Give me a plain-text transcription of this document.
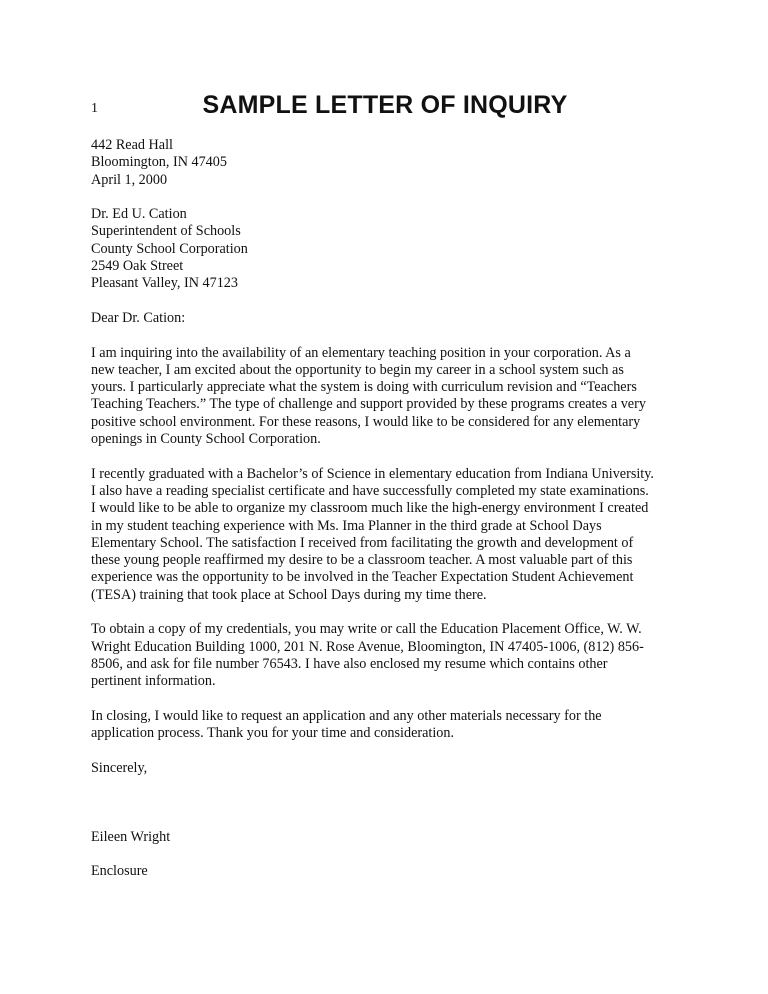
1	SAMPLE LETTER OF INQUIRY
442 Read Hall
Bloomington, IN 47405
April 1, 2000
Dr. Ed U. Cation
Superintendent of Schools
County School Corporation
2549 Oak Street
Pleasant Valley, IN 47123
Dear Dr. Cation:
I am inquiring into the availability of an elementary teaching position in your corporation. As a
new teacher, I am excited about the opportunity to begin my career in a school system such as
yours. I particularly appreciate what the system is doing with curriculum revision and “Teachers
Teaching Teachers.” The type of challenge and support provided by these programs creates a very
positive school environment. For these reasons, I would like to be considered for any elementary
openings in County School Corporation.
I recently graduated with a Bachelor’s of Science in elementary education from Indiana University.
I also have a reading specialist certificate and have successfully completed my state examinations.
I would like to be able to organize my classroom much like the high-energy environment I created
in my student teaching experience with Ms. Ima Planner in the third grade at School Days
Elementary School. The satisfaction I received from facilitating the growth and development of
these young people reaffirmed my desire to be a classroom teacher. A most valuable part of this
experience was the opportunity to be involved in the Teacher Expectation Student Achievement
(TESA) training that took place at School Days during my time there.
To obtain a copy of my credentials, you may write or call the Education Placement Office, W. W.
Wright Education Building 1000, 201 N. Rose Avenue, Bloomington, IN 47405-1006, (812) 856-
8506, and ask for file number 76543. I have also enclosed my resume which contains other
pertinent information.
In closing, I would like to request an application and any other materials necessary for the
application process. Thank you for your time and consideration.
Sincerely,
Eileen Wright
Enclosure
